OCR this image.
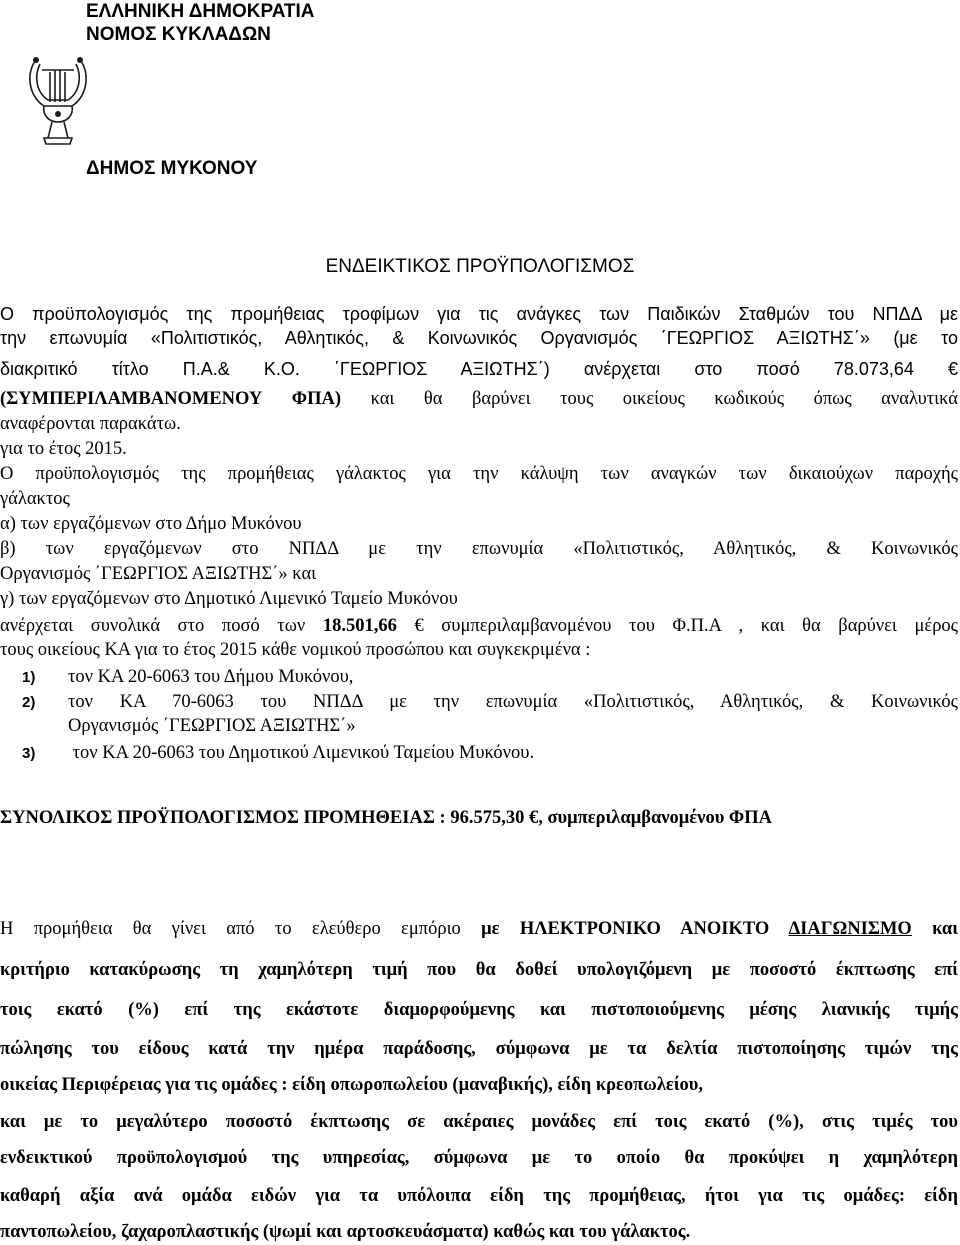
ΕΛΛΗΝΙΚΗ ΔΗΜΟΚΡΑΤΙΑ
ΝΟΜΟΣ ΚΥΚΛΑΔΩΝ
ΔΗΜΟΣ ΜΥΚΟΝΟΥ
ΕΝΔΕΙΚΤΙΚΟΣ ΠΡΟΫΠΟΛΟΓΙΣΜΟΣ
Ο προϋπολογισμός της προμήθειας τροφίμων για τις ανάγκες των Παιδικών Σταθμών του ΝΠΔΔ με
την επωνυμία «Πολιτιστικός, Αθλητικός, & Κοινωνικός Οργανισμός ΄ΓΕΩΡΓΙΟΣ ΑΞΙΩΤΗΣ΄» (με το
διακριτικό τίτλο Π.Α.& Κ.Ο. ΄ΓΕΩΡΓΙΟΣ ΑΞΙΩΤΗΣ΄) ανέρχεται στο ποσό 78.073,64 €
(ΣΥΜΠΕΡΙΛΑΜΒΑΝΟΜΕΝΟΥ ΦΠΑ) και θα βαρύνει τους οικείους κωδικούς όπως αναλυτικά
αναφέρονται παρακάτω.
για το έτος 2015.
Ο προϋπολογισμός της προμήθειας γάλακτος για την κάλυψη των αναγκών των δικαιούχων παροχής
γάλακτος
α) των εργαζόμενων στο Δήμο Μυκόνου
β) των εργαζόμενων στο ΝΠΔΔ με την επωνυμία «Πολιτιστικός, Αθλητικός, & Κοινωνικός
Οργανισμός ΄ΓΕΩΡΓΙΟΣ ΑΞΙΩΤΗΣ΄» και
γ) των εργαζόμενων στο Δημοτικό Λιμενικό Ταμείο Μυκόνου
ανέρχεται συνολικά στο ποσό των 18.501,66 € συμπεριλαμβανομένου του Φ.Π.Α , και θα βαρύνει μέρος
τους οικείους ΚΑ για το έτος 2015 κάθε νομικού προσώπου και συγκεκριμένα :
1) τον ΚΑ 20-6063 του Δήμου Μυκόνου,
2) τον ΚΑ 70-6063 του ΝΠΔΔ με την επωνυμία «Πολιτιστικός, Αθλητικός, & Κοινωνικός
Οργανισμός ΄ΓΕΩΡΓΙΟΣ ΑΞΙΩΤΗΣ΄»
3) τον ΚΑ 20-6063 του Δημοτικού Λιμενικού Ταμείου Μυκόνου.
ΣΥΝΟΛΙΚΟΣ ΠΡΟΫΠΟΛΟΓΙΣΜΟΣ ΠΡΟΜΗΘΕΙΑΣ : 96.575,30 €, συμπεριλαμβανομένου ΦΠΑ
Η προμήθεια θα γίνει από το ελεύθερο εμπόριο με ΗΛΕΚΤΡΟΝΙΚΟ ΑΝΟΙΚΤΟ ΔΙΑΓΩΝΙΣΜΟ και
κριτήριο κατακύρωσης τη χαμηλότερη τιμή που θα δοθεί υπολογιζόμενη με ποσοστό έκπτωσης επί
τοις εκατό (%) επί της εκάστοτε διαμορφούμενης και πιστοποιούμενης μέσης λιανικής τιμής
πώλησης του είδους κατά την ημέρα παράδοσης, σύμφωνα με τα δελτία πιστοποίησης τιμών της
οικείας Περιφέρειας για τις ομάδες : είδη οπωροπωλείου (μαναβικής), είδη κρεοπωλείου,
και με το μεγαλύτερο ποσοστό έκπτωσης σε ακέραιες μονάδες επί τοις εκατό (%), στις τιμές του
ενδεικτικού προϋπολογισμού της υπηρεσίας, σύμφωνα με το οποίο θα προκύψει η χαμηλότερη
καθαρή αξία ανά ομάδα ειδών για τα υπόλοιπα είδη της προμήθειας, ήτοι για τις ομάδες: είδη
παντοπωλείου, ζαχαροπλαστικής (ψωμί και αρτοσκευάσματα) καθώς και του γάλακτος.
